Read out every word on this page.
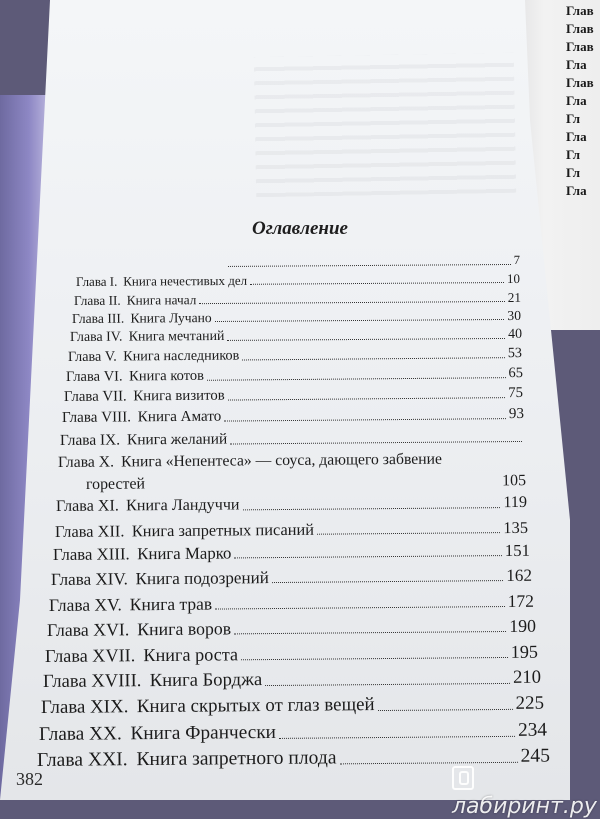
Глав
Глав
Глав
Гла
Глав
Гла
Гл
Гла
Гл
Гл
Гла
Оглавление
7
Глава I. Книга нечестивых дел	10
Глава II. Книга начал	21
Глава III. Книга Лучано	30
Глава IV. Книга мечтаний	40
Глава V. Книга наследников	53
Глава VI. Книга котов	65
Глава VII. Книга визитов	75
Глава VIII. Книга Амато	93
Глава IX. Книга желаний
Глава X. Книга «Непентеса» — соуса, дающего забвение
горестей	105
Глава XI. Книга Ландуччи	119
Глава XII. Книга запретных писаний	135
Глава XIII. Книга Марко	151
Глава XIV. Книга подозрений	162
Глава XV. Книга трав	172
Глава XVI. Книга воров	190
Глава XVII. Книга роста	195
Глава XVIII. Книга Борджа	210
Глава XIX. Книга скрытых от глаз вещей	225
Глава XX. Книга Франчески	234
Глава XXI. Книга запретного плода	245
382
лабиринт.ру
